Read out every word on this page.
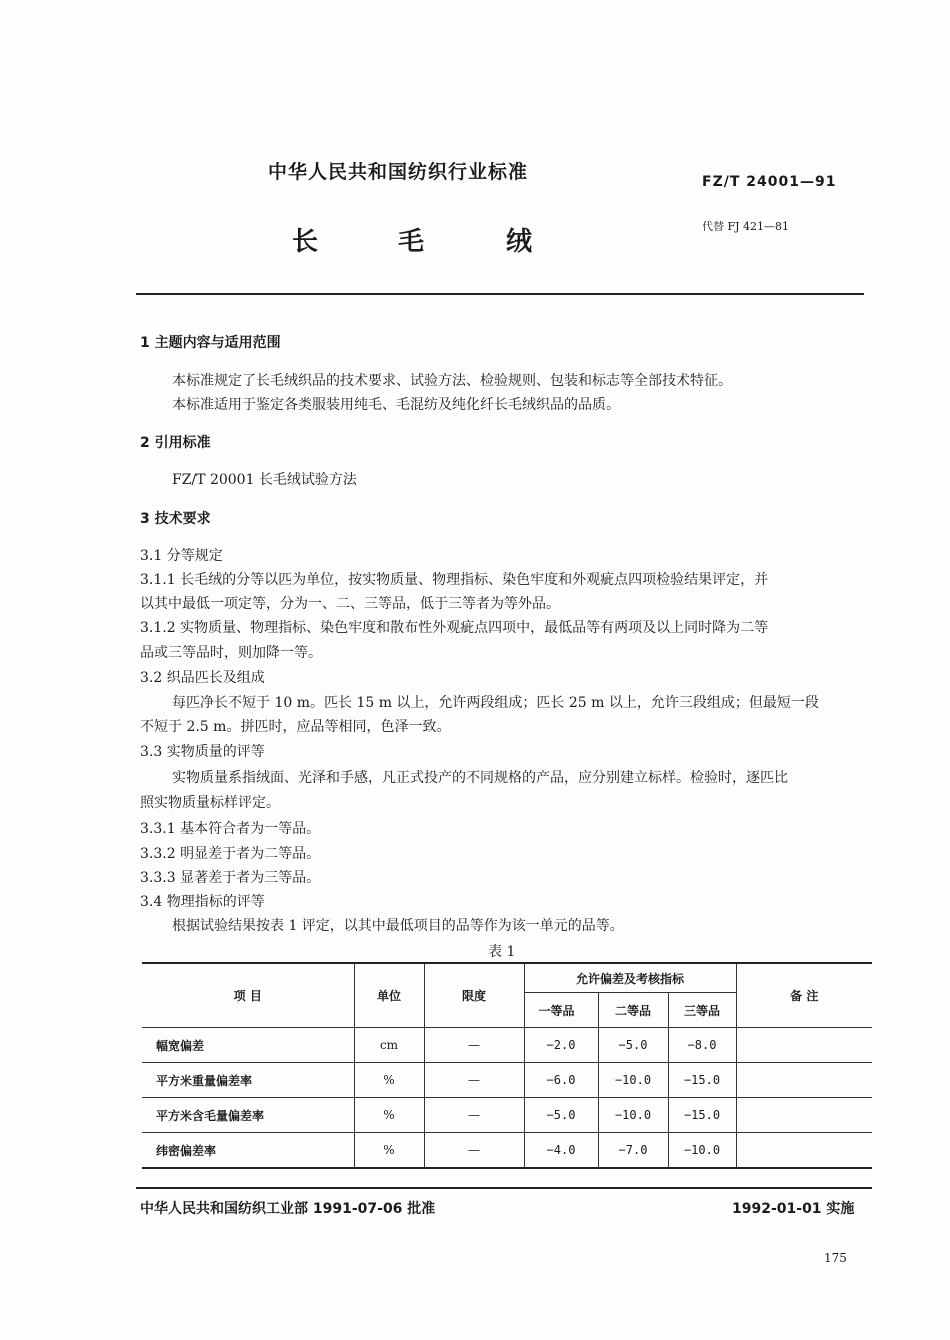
中华人民共和国纺织行业标准	FZ/T 24001—91
长	毛	绒
代替 FJ 421—81
1 主题内容与适用范围
本标准规定了长毛绒织品的技术要求、试验方法、检验规则、包装和标志等全部技术特征。
本标准适用于鉴定各类服装用纯毛、毛混纺及纯化纤长毛绒织品的品质。
2 引用标准
FZ/T 20001 长毛绒试验方法
3 技术要求
3.1 分等规定
3.1.1 长毛绒的分等以匹为单位，按实物质量、物理指标、染色牢度和外观疵点四项检验结果评定，并
以其中最低一项定等，分为一、二、三等品，低于三等者为等外品。
3.1.2 实物质量、物理指标、染色牢度和散布性外观疵点四项中，最低品等有两项及以上同时降为二等
品或三等品时，则加降一等。
3.2 织品匹长及组成
每匹净长不短于 10 m。匹长 15 m 以上，允许两段组成；匹长 25 m 以上，允许三段组成；但最短一段
不短于 2.5 m。拼匹时，应品等相同，色泽一致。
3.3 实物质量的评等
实物质量系指绒面、光泽和手感，凡正式投产的不同规格的产品，应分别建立标样。检验时，逐匹比
照实物质量标样评定。
3.3.1 基本符合者为一等品。
3.3.2 明显差于者为二等品。
3.3.3 显著差于者为三等品。
3.4 物理指标的评等
根据试验结果按表 1 评定，以其中最低项目的品等作为该一单元的品等。
表 1
项 目	单位	限度	允许偏差及考核指标			备 注
			一等品	二等品	三等品	
幅宽偏差	cm	—	−2.0	−5.0	−8.0	
平方米重量偏差率	%	—	−6.0	−10.0	−15.0	
平方米含毛量偏差率	%	—	−5.0	−10.0	−15.0	
纬密偏差率	%	—	−4.0	−7.0	−10.0	
中华人民共和国纺织工业部 1991-07-06 批准	1992-01-01 实施
175
